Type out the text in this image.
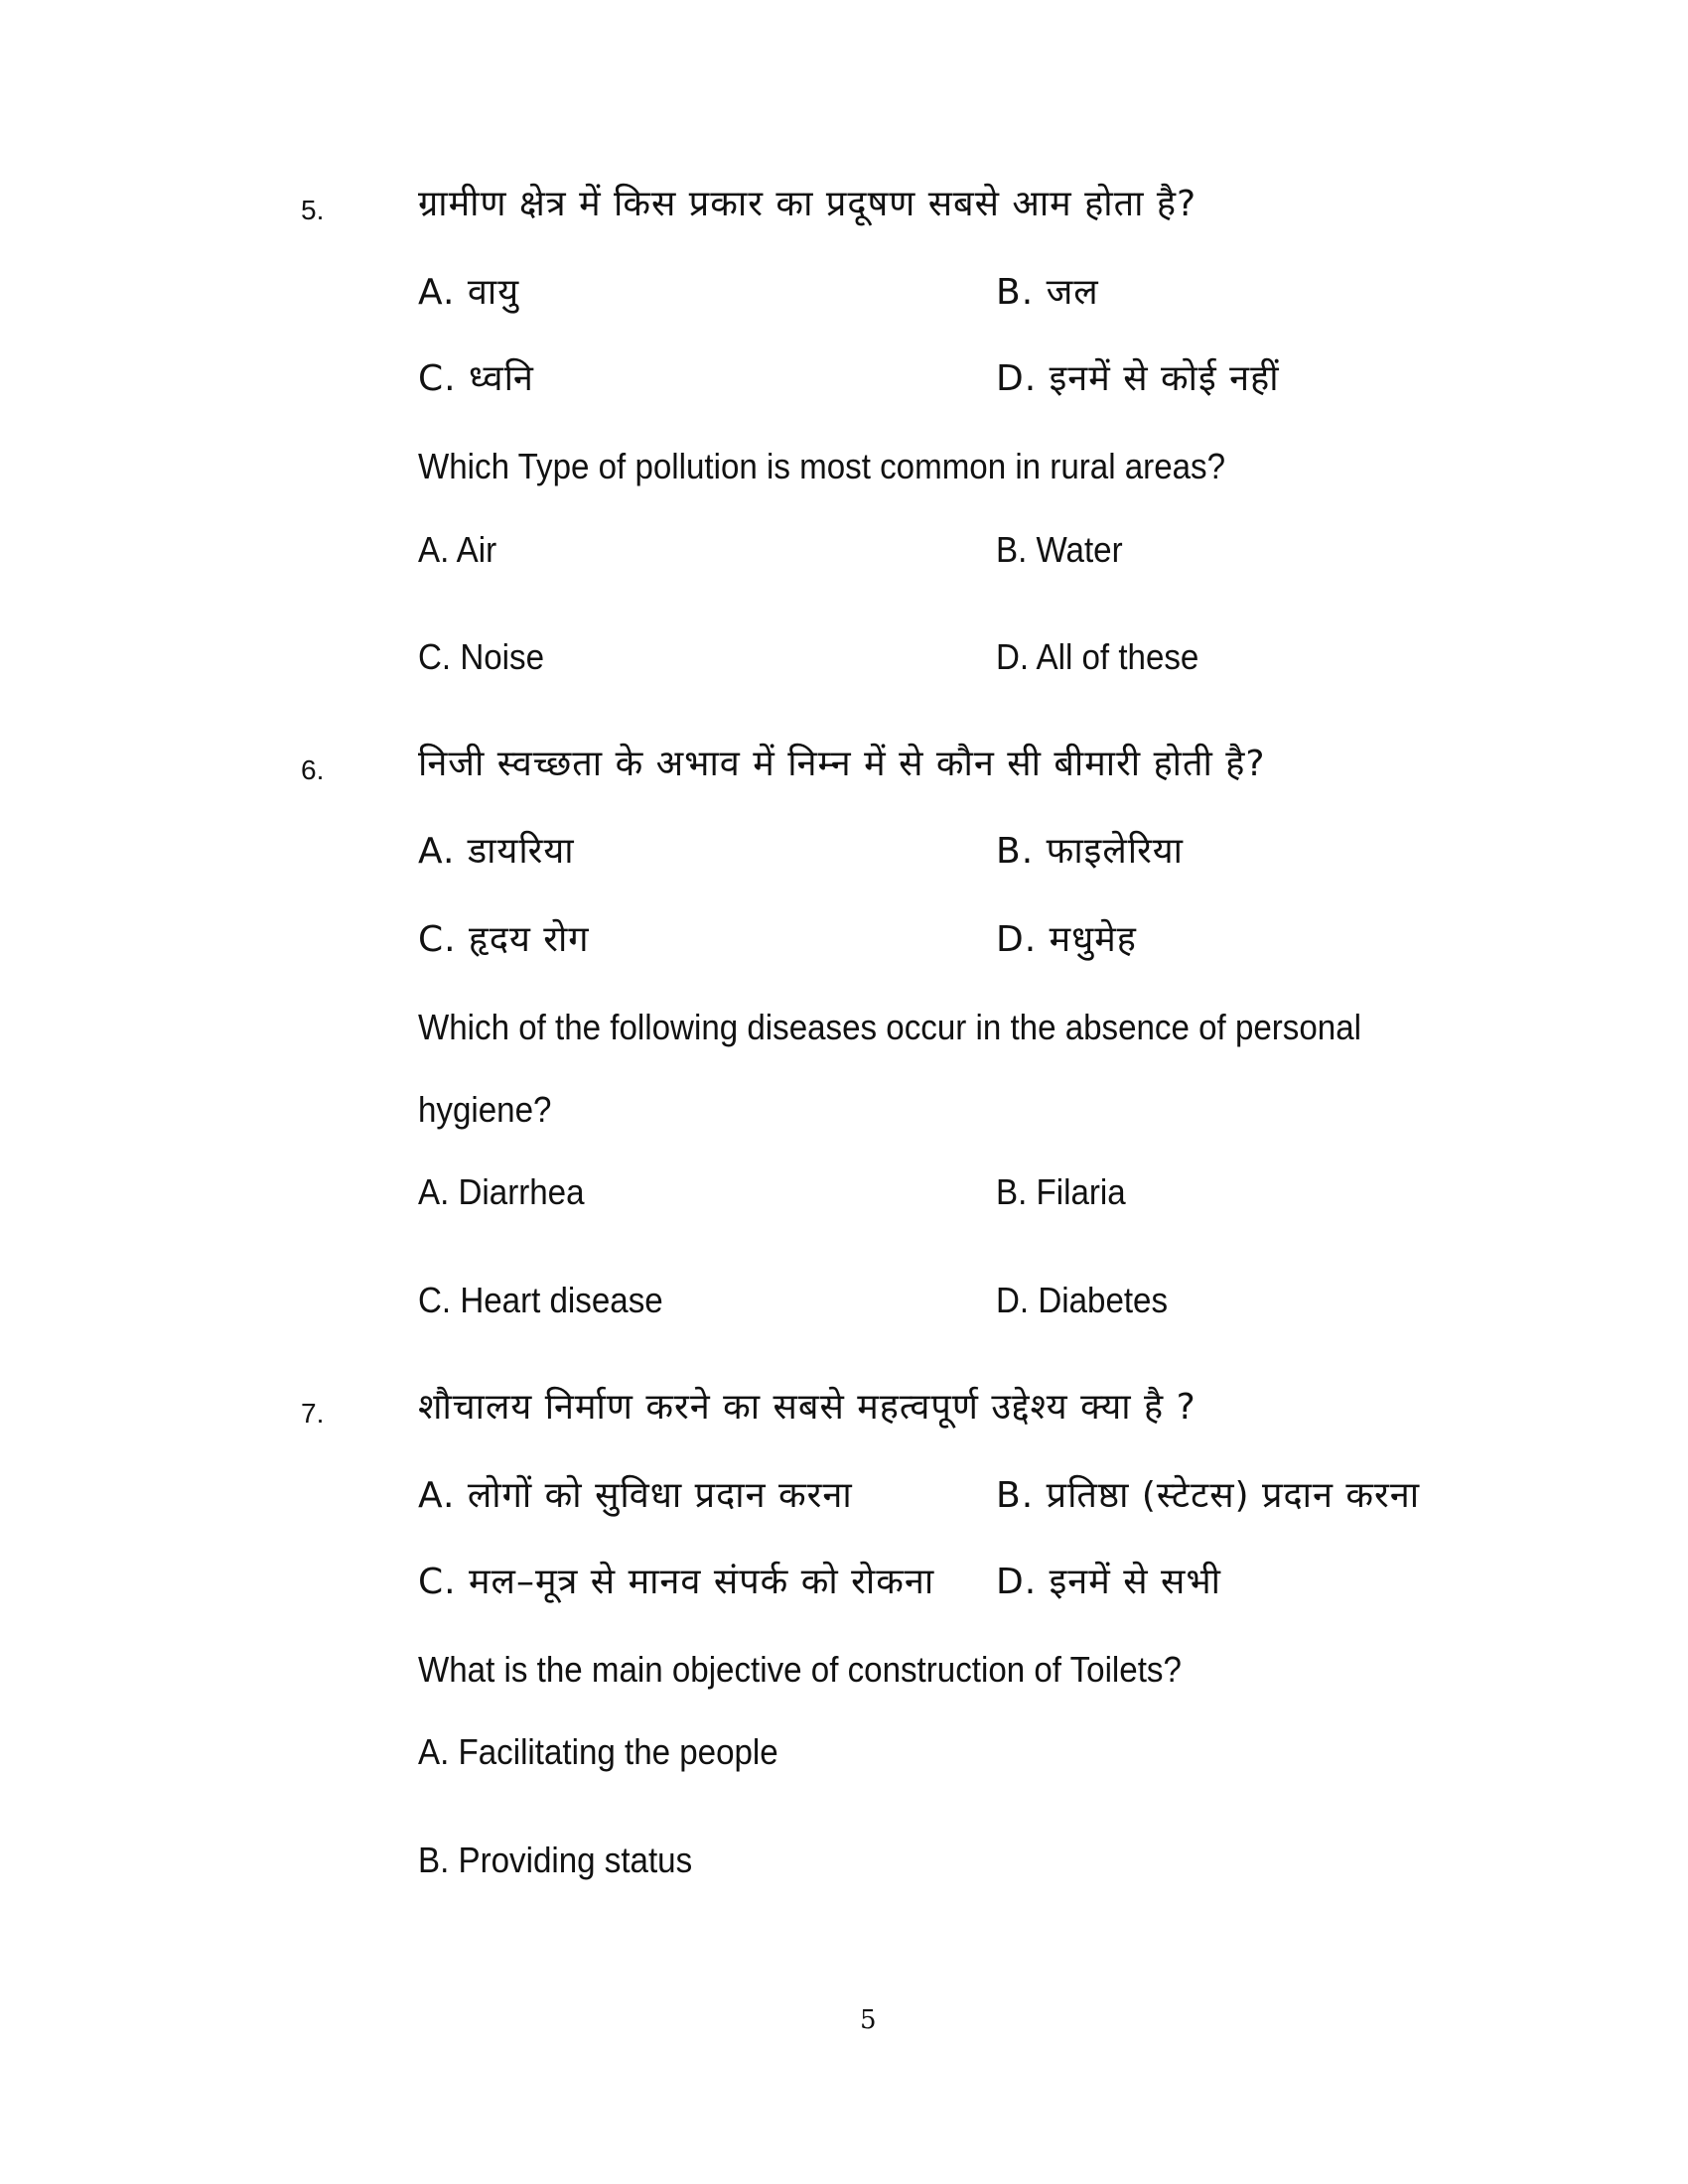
5.	ग्रामीण क्षेत्र में किस प्रकार का प्रदूषण सबसे आम होता है?
A. वायु	B. जल
C. ध्वनि	D. इनमें से कोई नहीं
Which Type of pollution is most common in rural areas?
A. Air	B. Water
C. Noise	D. All of these
6.	निजी स्वच्छता के अभाव में निम्न में से कौन सी बीमारी होती है?
A. डायरिया	B. फाइलेरिया
C. हृदय रोग	D. मधुमेह
Which of the following diseases occur in the absence of personal
hygiene?
A. Diarrhea	B. Filaria
C. Heart disease	D. Diabetes
7.	शौचालय निर्माण करने का सबसे महत्वपूर्ण उद्देश्य क्या है ?
A. लोगों को सुविधा प्रदान करना	B. प्रतिष्ठा (स्टेटस) प्रदान करना
C. मल–मूत्र से मानव संपर्क को रोकना D. इनमें से सभी
What is the main objective of construction of Toilets?
A. Facilitating the people
B. Providing status
5
